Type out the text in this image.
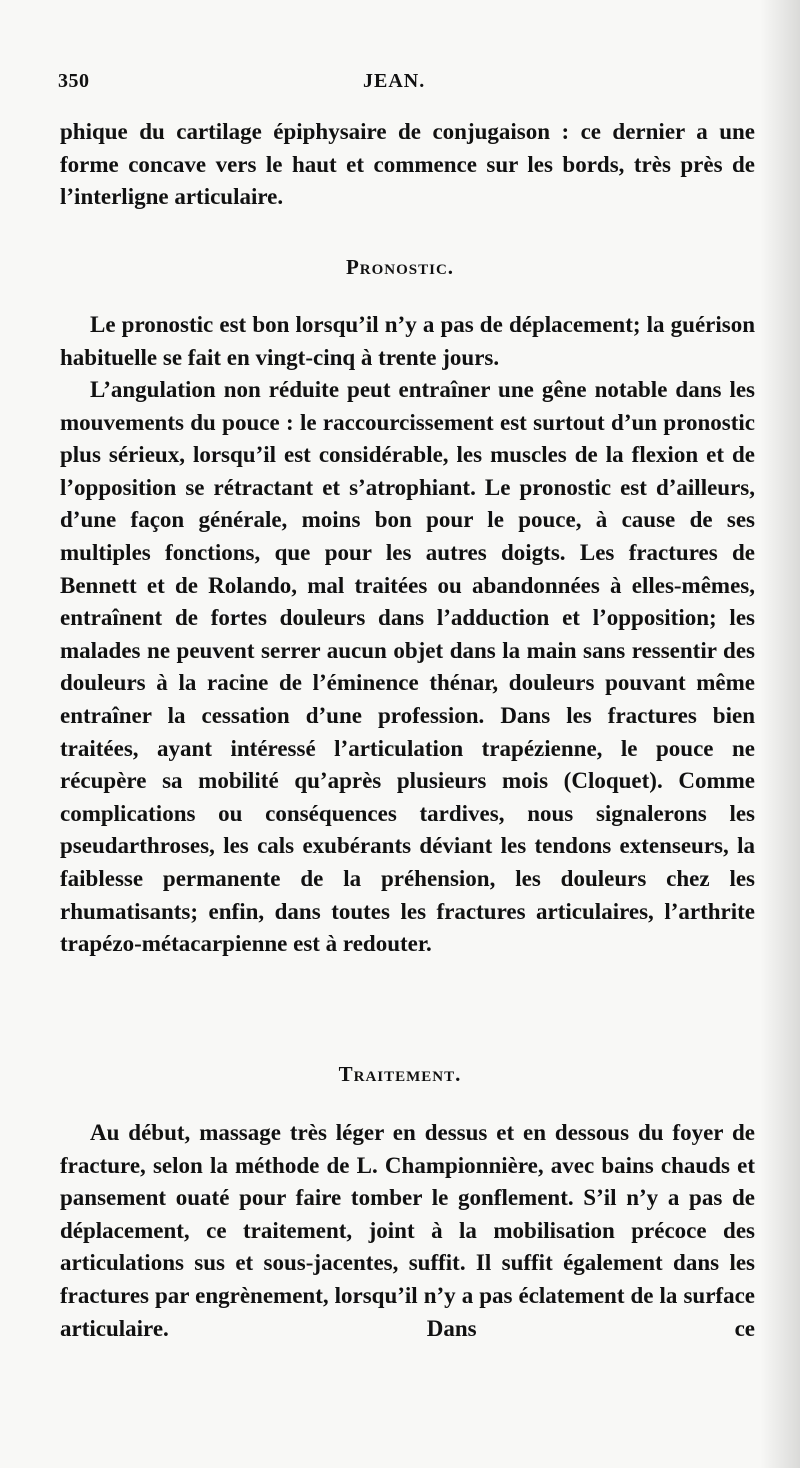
350	JEAN.

phique du cartilage épiphysaire de conjugaison : ce dernier a une forme concave vers le haut et commence sur les bords, très près de l’interligne articulaire.

Pronostic.

Le pronostic est bon lorsqu’il n’y a pas de déplacement; la guérison habituelle se fait en vingt-cinq à trente jours.

L’angulation non réduite peut entraîner une gêne notable dans les mouvements du pouce : le raccourcissement est surtout d’un pronostic plus sérieux, lorsqu’il est considérable, les muscles de la flexion et de l’opposition se rétractant et s’atrophiant. Le pronostic est d’ailleurs, d’une façon générale, moins bon pour le pouce, à cause de ses multiples fonctions, que pour les autres doigts. Les fractures de Bennett et de Rolando, mal traitées ou abandonnées à elles-mêmes, entraînent de fortes douleurs dans l’adduction et l’opposition; les malades ne peuvent serrer aucun objet dans la main sans ressentir des douleurs à la racine de l’éminence thénar, douleurs pouvant même entraîner la cessation d’une profession. Dans les fractures bien traitées, ayant intéressé l’articulation trapézienne, le pouce ne récupère sa mobilité qu’après plusieurs mois (Cloquet). Comme complications ou conséquences tardives, nous signalerons les pseudarthroses, les cals exubérants déviant les tendons extenseurs, la faiblesse permanente de la préhension, les douleurs chez les rhumatisants; enfin, dans toutes les fractures articulaires, l’arthrite trapézo-métacarpienne est à redouter.

Traitement.

Au début, massage très léger en dessus et en dessous du foyer de fracture, selon la méthode de L. Championnière, avec bains chauds et pansement ouaté pour faire tomber le gonflement. S’il n’y a pas de déplacement, ce traitement, joint à la mobilisation précoce des articulations sus et sous-jacentes, suffit. Il suffit également dans les fractures par engrènement, lorsqu’il n’y a pas éclatement de la surface articulaire. Dans ce
